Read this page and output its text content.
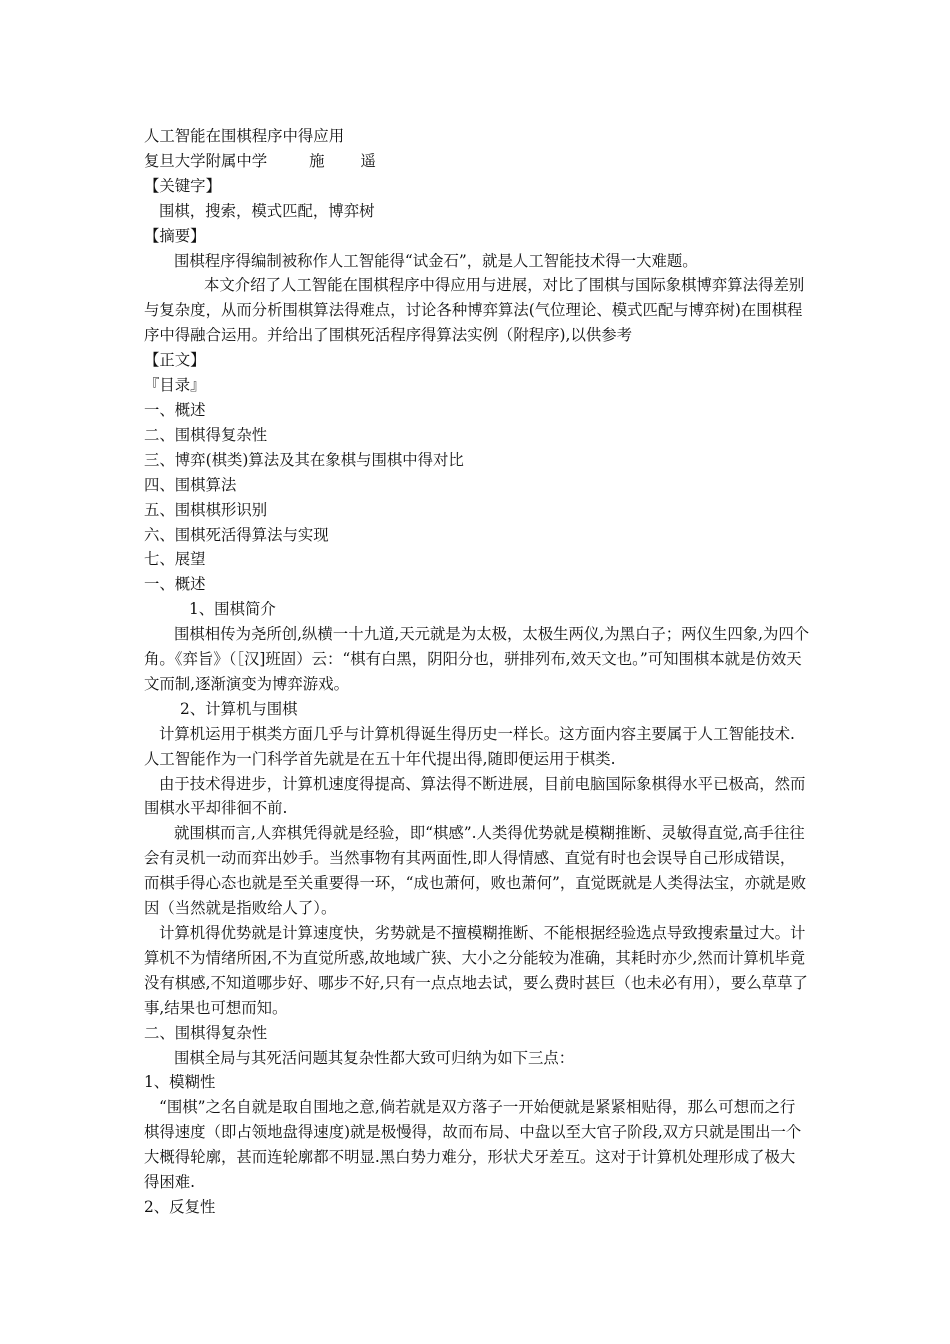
人工智能在围棋程序中得应用

复旦大学附属中学	施 遥

【关键字】

围棋，搜索，模式匹配，博弈树

【摘要】

围棋程序得编制被称作人工智能得“试金石”，就是人工智能技术得一大难题。

本文介绍了人工智能在围棋程序中得应用与进展，对比了围棋与国际象棋博弈算法得差别与复杂度，从而分析围棋算法得难点，讨论各种博弈算法(气位理论、模式匹配与博弈树)在围棋程序中得融合运用。并给出了围棋死活程序得算法实例（附程序),以供参考

【正文】

『目录』

一、概述

二、围棋得复杂性

三、博弈(棋类)算法及其在象棋与围棋中得对比

四、围棋算法

五、围棋棋形识别

六、围棋死活得算法与实现

七、展望

一、概述

1、围棋简介

围棋相传为尧所创,纵横一十九道,天元就是为太极，太极生两仪,为黑白子；两仪生四象,为四个角。《弈旨》（［汉]班固）云：“棋有白黑，阴阳分也，骈排列布,效天文也。”可知围棋本就是仿效天文而制,逐渐演变为博弈游戏。

2、计算机与围棋

计算机运用于棋类方面几乎与计算机得诞生得历史一样长。这方面内容主要属于人工智能技术.人工智能作为一门科学首先就是在五十年代提出得,随即便运用于棋类.

由于技术得进步，计算机速度得提高、算法得不断进展，目前电脑国际象棋得水平已极高，然而围棋水平却徘徊不前.

就围棋而言,人弈棋凭得就是经验，即“棋感”.人类得优势就是模糊推断、灵敏得直觉,高手往往会有灵机一动而弈出妙手。当然事物有其两面性,即人得情感、直觉有时也会误导自己形成错误，而棋手得心态也就是至关重要得一环，“成也萧何，败也萧何”，直觉既就是人类得法宝，亦就是败因（当然就是指败给人了）。

计算机得优势就是计算速度快，劣势就是不擅模糊推断、不能根据经验选点导致搜索量过大。计算机不为情绪所困,不为直觉所惑,故地域广狭、大小之分能较为准确，其耗时亦少,然而计算机毕竟没有棋感,不知道哪步好、哪步不好,只有一点点地去试，要么费时甚巨（也未必有用），要么草草了事,结果也可想而知。

二、围棋得复杂性

围棋全局与其死活问题其复杂性都大致可归纳为如下三点：

1、模糊性

“围棋”之名自就是取自围地之意,倘若就是双方落子一开始便就是紧紧相贴得，那么可想而之行棋得速度（即占领地盘得速度)就是极慢得，故而布局、中盘以至大官子阶段,双方只就是围出一个大概得轮廓，甚而连轮廓都不明显.黑白势力难分，形状犬牙差互。这对于计算机处理形成了极大得困难.

2、反复性
